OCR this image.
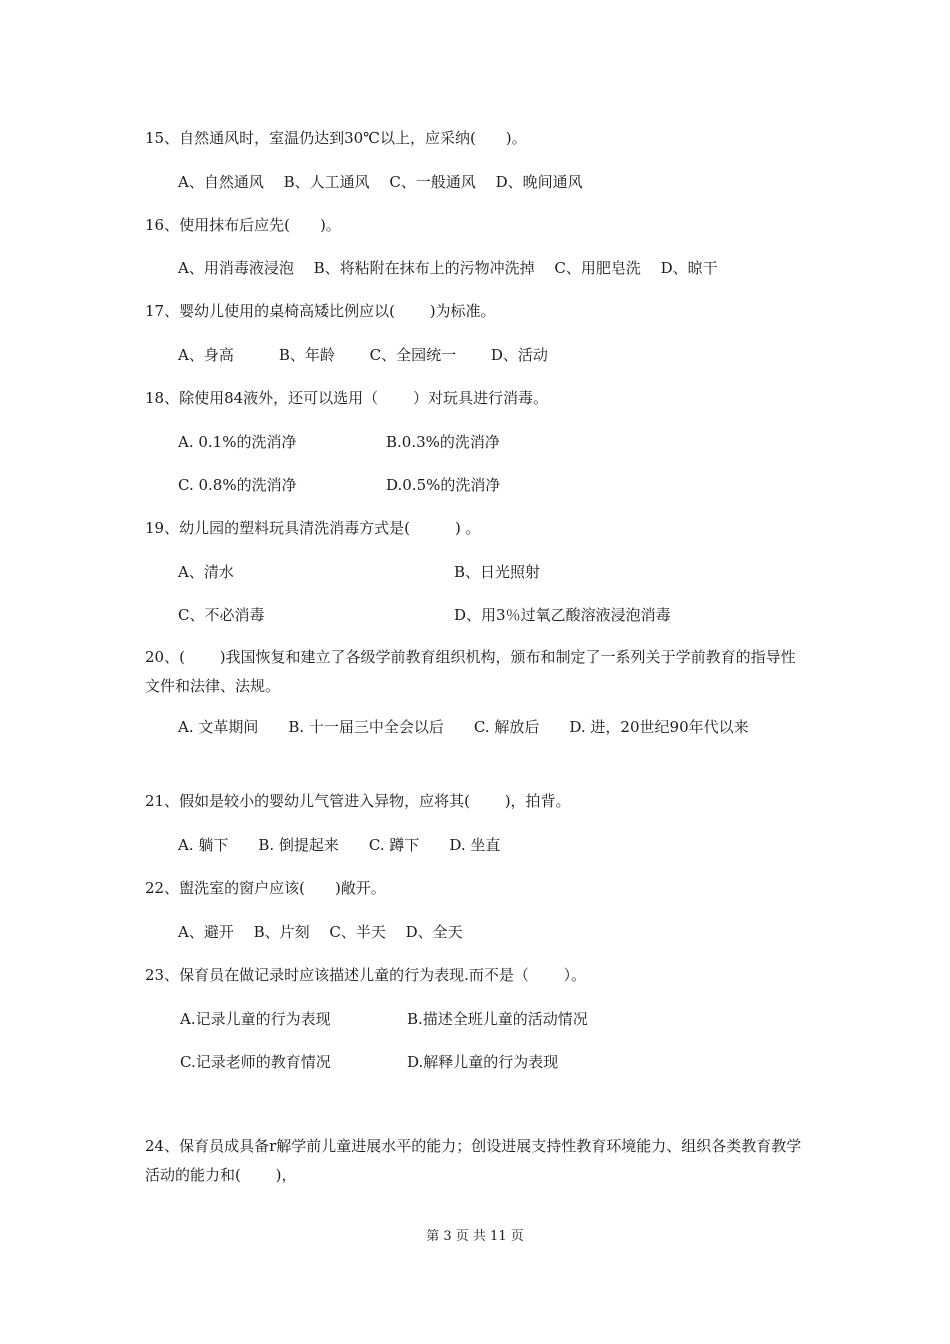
15、自然通风时，室温仍达到30℃以上，应采纳(　　)。
A、自然通风　 B、人工通风　 C、一般通风　 D、晚间通风
16、使用抹布后应先(　　)。
A、用消毒液浸泡　 B、将粘附在抹布上的污物冲洗掉　 C、用肥皂洗　 D、晾干
17、婴幼儿使用的桌椅高矮比例应以(　　 )为标准。
A、身高　　　B、年龄　　 C、全园统一　　 D、活动
18、除使用84液外，还可以选用（　　 ）对玩具进行消毒。
A. 0.1%的洗消净	B.0.3%的洗消净
C. 0.8%的洗消净	D.0.5%的洗消净
19、幼儿园的塑料玩具清洗消毒方式是(　　　) 。
A、清水	B、日光照射
C、不必消毒	D、用3％过氧乙酸溶液浸泡消毒
20、(　　 )我国恢复和建立了各级学前教育组织机构，颁布和制定了一系列关于学前教育的指导性文件和法律、法规。
A. 文革期间　　B. 十一届三中全会以后　　C. 解放后　　D. 进，20世纪90年代以来
21、假如是较小的婴幼儿气管进入异物，应将其(　　 )，拍背。
A. 躺下　　B. 倒提起来　　C. 蹲下　　D. 坐直
22、盥洗室的窗户应该(　　)敞开。
A、避开　 B、片刻　 C、半天　 D、全天
23、保育员在做记录时应该描述儿童的行为表现.而不是（　　 ）。
A.记录儿童的行为表现	B.描述全班儿童的活动情况
C.记录老师的教育情况	D.解释儿童的行为表现
24、保育员成具备r解学前儿童进展水平的能力；创设进展支持性教育环境能力、组织各类教育教学活动的能力和(　　 )，
第 3 页 共 11 页
